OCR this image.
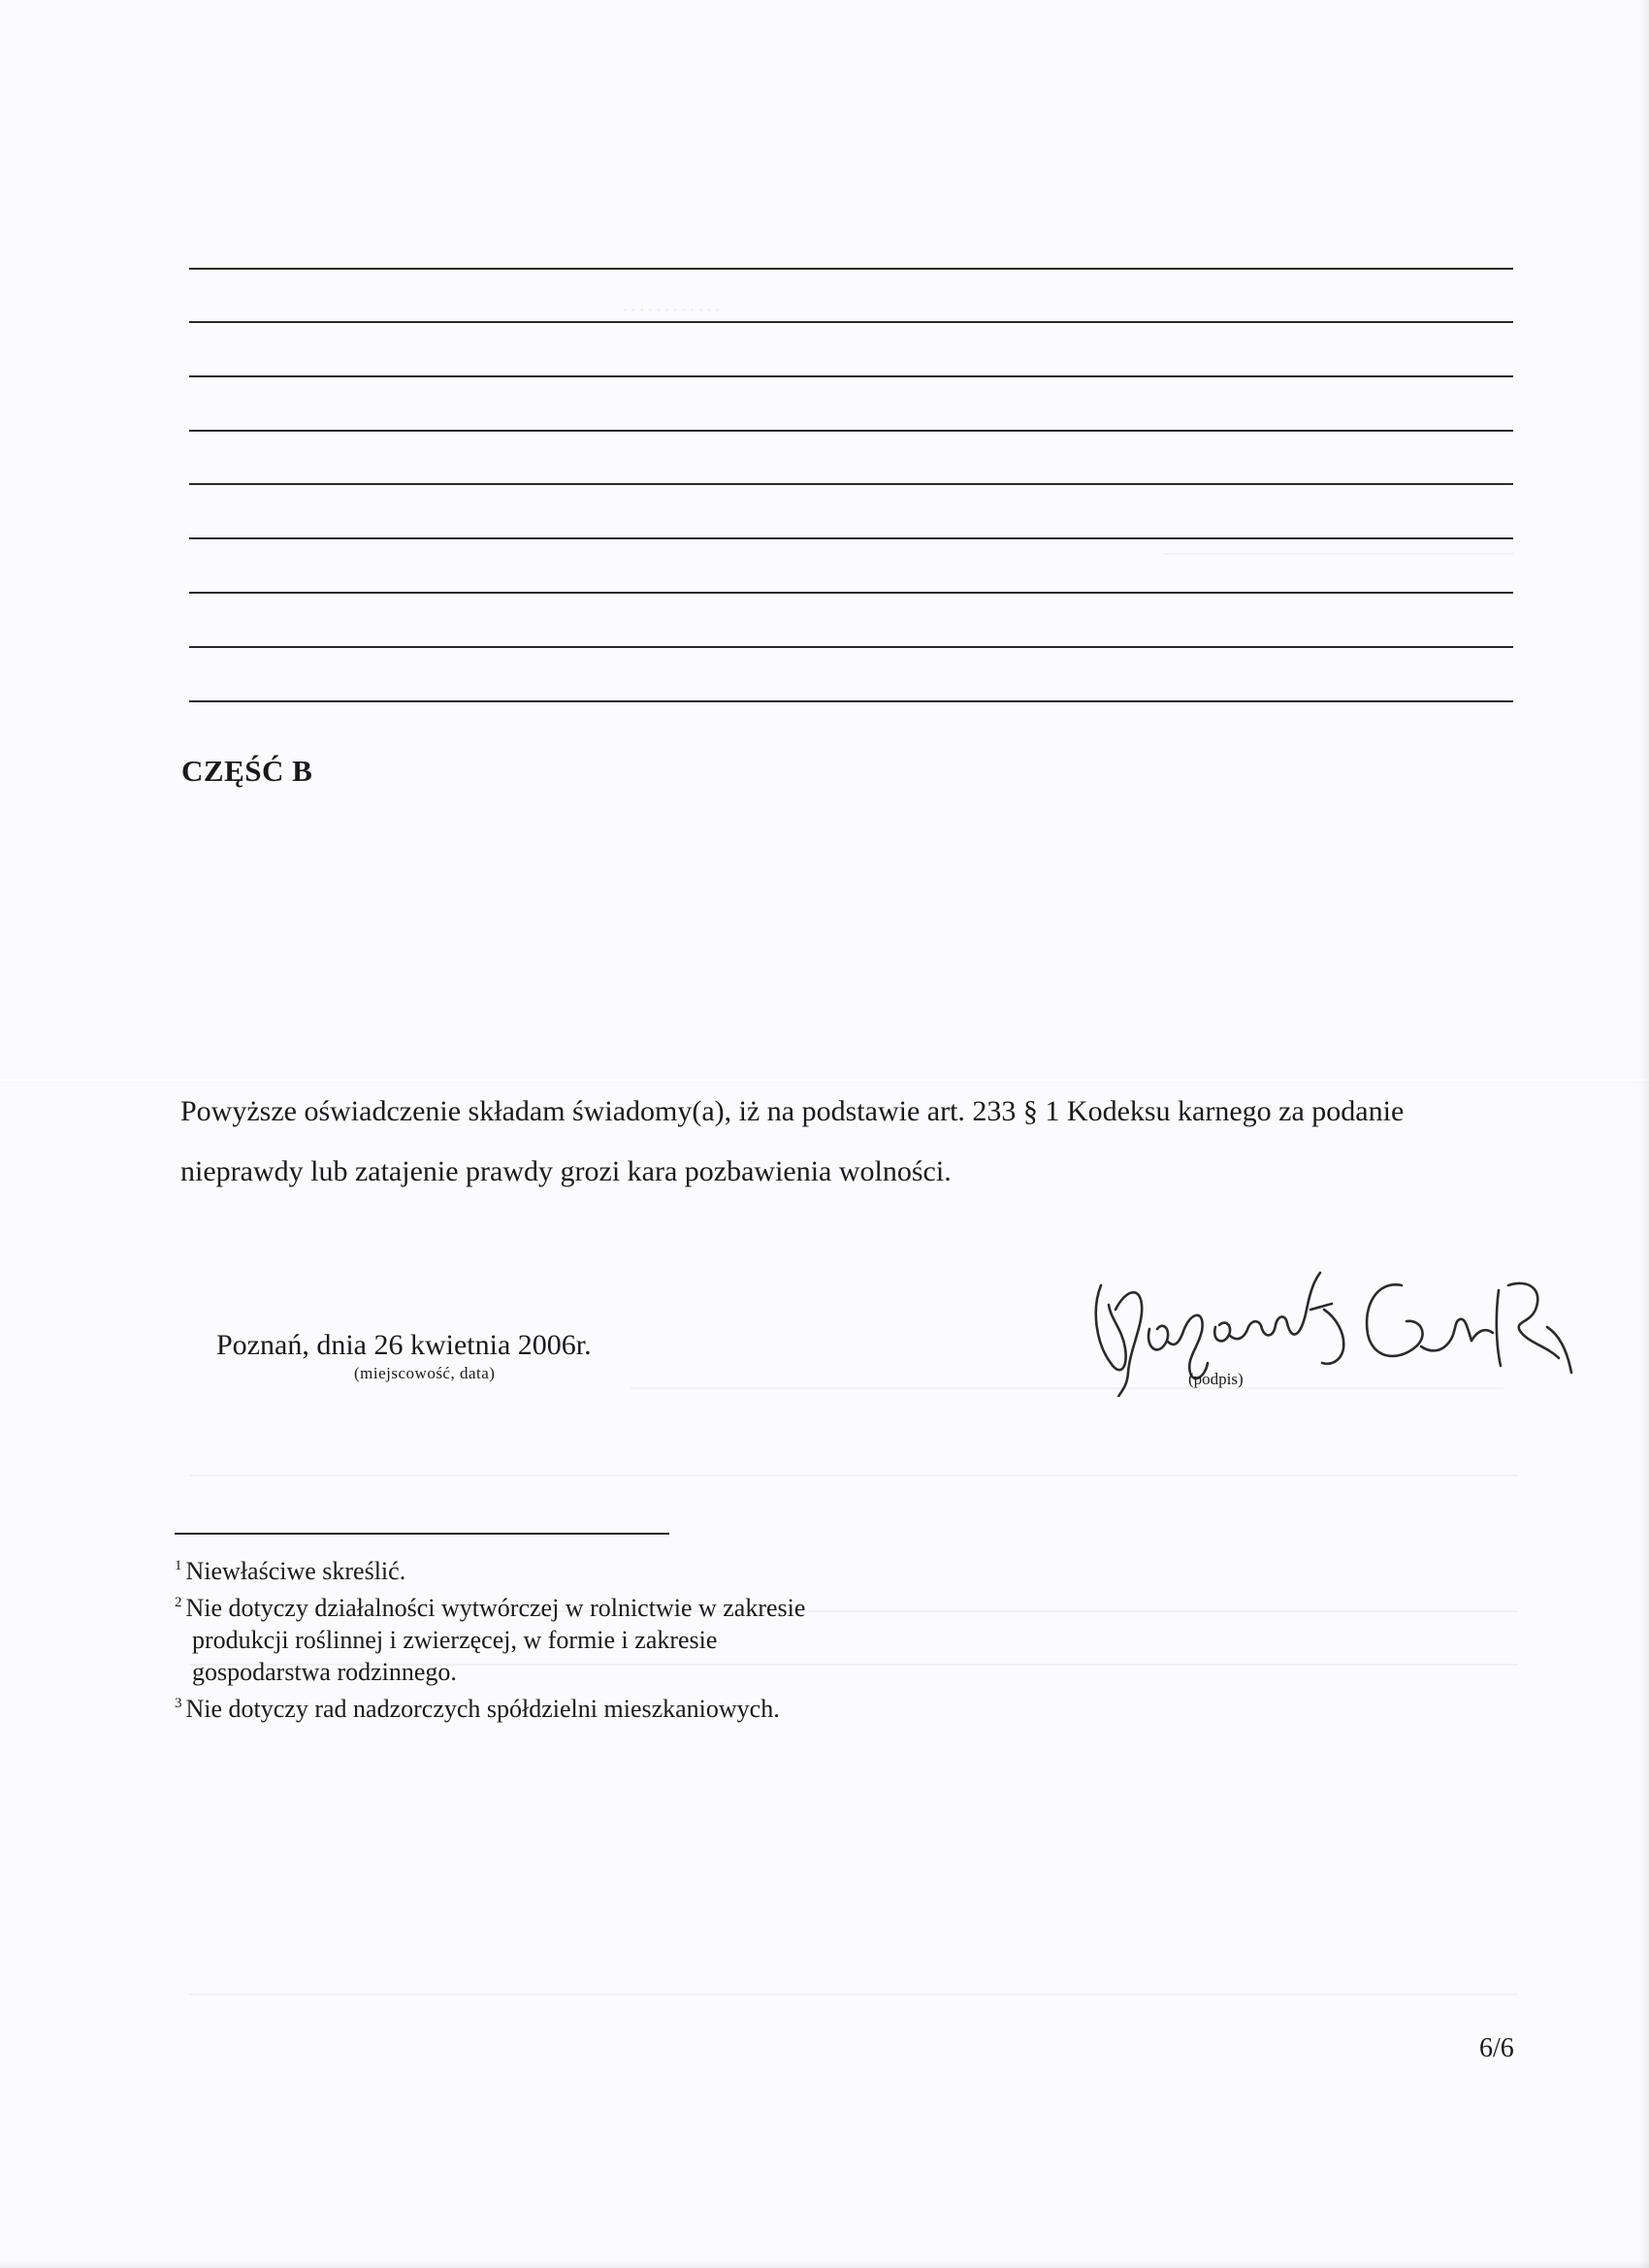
CZĘŚĆ B
Powyższe oświadczenie składam świadomy(a), iż na podstawie art. 233 § 1 Kodeksu karnego za podanie nieprawdy lub zatajenie prawdy grozi kara pozbawienia wolności.
Poznań, dnia 26 kwietnia 2006r.
(miejscowość, data)	(podpis)
$^1$ Niewłaściwe skreślić.
$^2$ Nie dotyczy działalności wytwórczej w rolnictwie w zakresie
produkcji roślinnej i zwierzęcej, w formie i zakresie
gospodarstwa rodzinnego.
$^3$ Nie dotyczy rad nadzorczych spółdzielni mieszkaniowych.
6/6
